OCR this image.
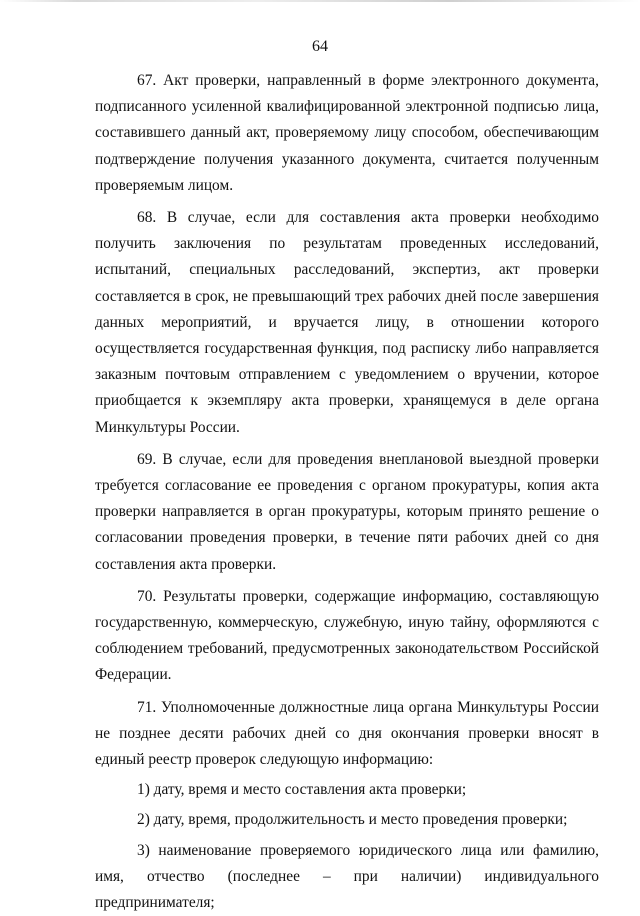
64

67. Акт проверки, направленный в форме электронного документа, подписанного усиленной квалифицированной электронной подписью лица, составившего данный акт, проверяемому лицу способом, обеспечивающим подтверждение получения указанного документа, считается полученным проверяемым лицом.

68. В случае, если для составления акта проверки необходимо получить заключения по результатам проведенных исследований, испытаний, специальных расследований, экспертиз, акт проверки составляется в срок, не превышающий трех рабочих дней после завершения данных мероприятий, и вручается лицу, в отношении которого осуществляется государственная функция, под расписку либо направляется заказным почтовым отправлением с уведомлением о вручении, которое приобщается к экземпляру акта проверки, хранящемуся в деле органа Минкультуры России.

69. В случае, если для проведения внеплановой выездной проверки требуется согласование ее проведения с органом прокуратуры, копия акта проверки направляется в орган прокуратуры, которым принято решение о согласовании проведения проверки, в течение пяти рабочих дней со дня составления акта проверки.

70. Результаты проверки, содержащие информацию, составляющую государственную, коммерческую, служебную, иную тайну, оформляются с соблюдением требований, предусмотренных законодательством Российской Федерации.

71. Уполномоченные должностные лица органа Минкультуры России не позднее десяти рабочих дней со дня окончания проверки вносят в единый реестр проверок следующую информацию:

1) дату, время и место составления акта проверки;

2) дату, время, продолжительность и место проведения проверки;

3) наименование проверяемого юридического лица или фамилию, имя, отчество (последнее – при наличии) индивидуального предпринимателя;
